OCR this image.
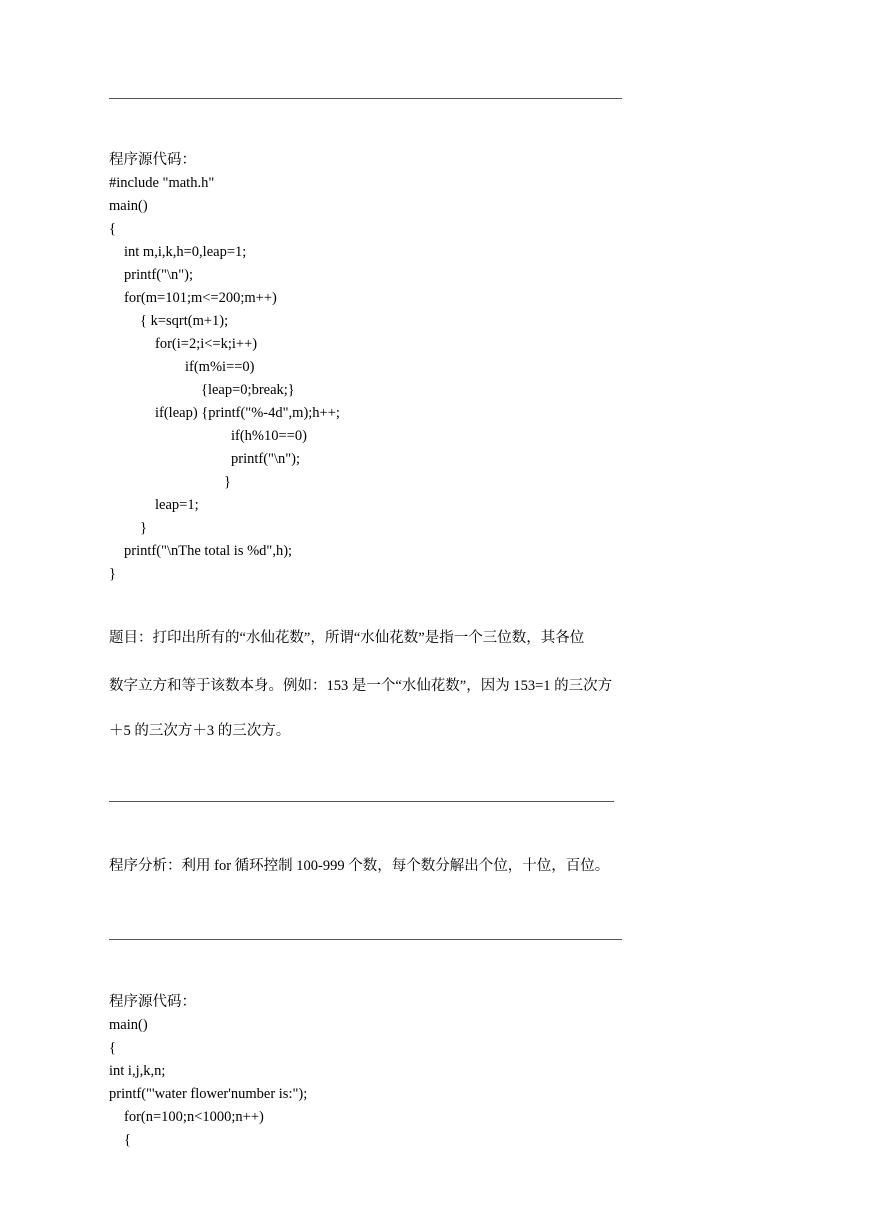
程序源代码：
#include "math.h"
main()
{
int m,i,k,h=0,leap=1;
printf("\n");
for(m=101;m<=200;m++)
{ k=sqrt(m+1);
for(i=2;i<=k;i++)
if(m%i==0)
{leap=0;break;}
if(leap) {printf("%-4d",m);h++;
if(h%10==0)
printf("\n");
}
leap=1;
}
printf("\nThe total is %d",h);
}
题目：打印出所有的“水仙花数”，所谓“水仙花数”是指一个三位数，其各位
数字立方和等于该数本身。例如：153 是一个“水仙花数”，因为 153=1 的三次方
＋5 的三次方＋3 的三次方。
程序分析：利用 for 循环控制 100-999 个数，每个数分解出个位，十位，百位。
程序源代码：
main()
{
int i,j,k,n;
printf("'water flower'number is:");
for(n=100;n<1000;n++)
{
